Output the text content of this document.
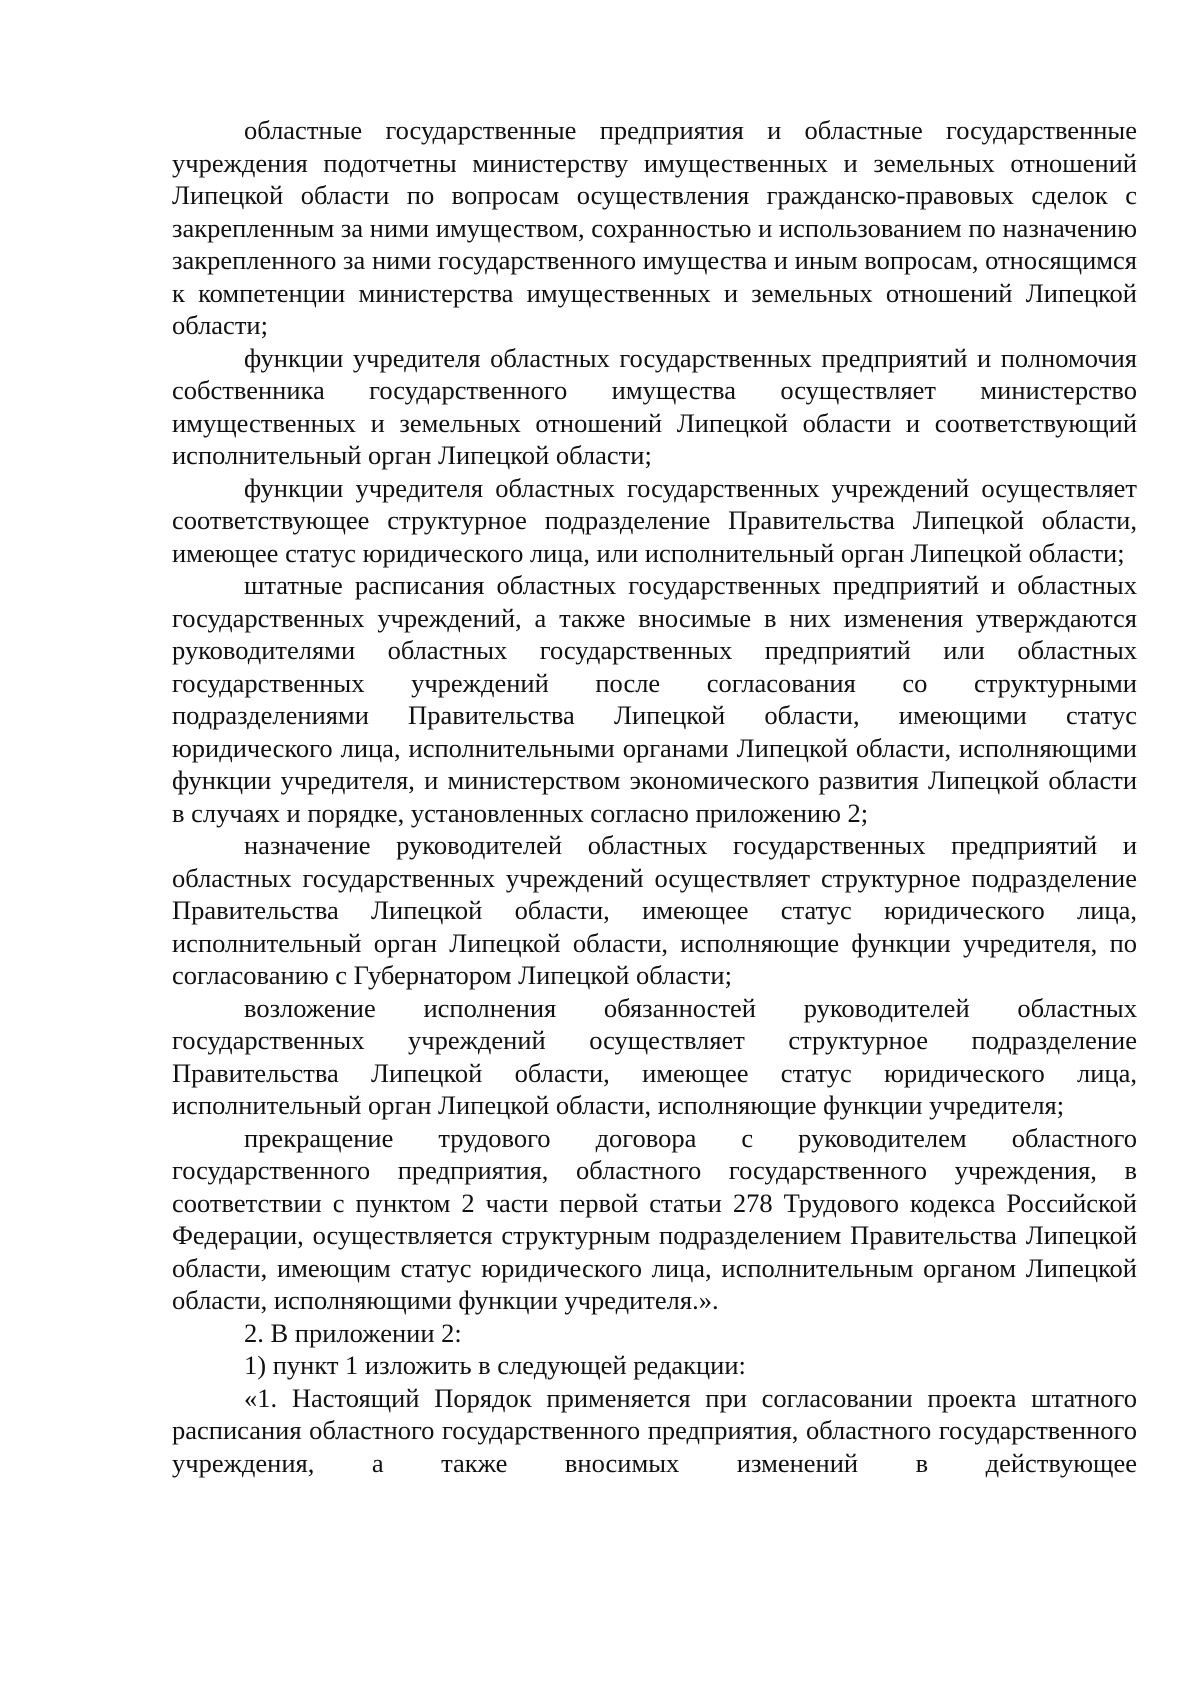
областные государственные предприятия и областные государственные учреждения подотчетны министерству имущественных и земельных отношений Липецкой области по вопросам осуществления гражданско-правовых сделок с закрепленным за ними имуществом, сохранностью и использованием по назначению закрепленного за ними государственного имущества и иным вопросам, относящимся к компетенции министерства имущественных и земельных отношений Липецкой области;

функции учредителя областных государственных предприятий и полномочия собственника государственного имущества осуществляет министерство имущественных и земельных отношений Липецкой области и соответствующий исполнительный орган Липецкой области;

функции учредителя областных государственных учреждений осуществляет соответствующее структурное подразделение Правительства Липецкой области, имеющее статус юридического лица, или исполнительный орган Липецкой области;

штатные расписания областных государственных предприятий и областных государственных учреждений, а также вносимые в них изменения утверждаются руководителями областных государственных предприятий или областных государственных учреждений после согласования со структурными подразделениями Правительства Липецкой области, имеющими статус юридического лица, исполнительными органами Липецкой области, исполняющими функции учредителя, и министерством экономического развития Липецкой области в случаях и порядке, установленных согласно приложению 2;

назначение руководителей областных государственных предприятий и областных государственных учреждений осуществляет структурное подразделение Правительства Липецкой области, имеющее статус юридического лица, исполнительный орган Липецкой области, исполняющие функции учредителя, по согласованию с Губернатором Липецкой области;

возложение исполнения обязанностей руководителей областных государственных учреждений осуществляет структурное подразделение Правительства Липецкой области, имеющее статус юридического лица, исполнительный орган Липецкой области, исполняющие функции учредителя;

прекращение трудового договора с руководителем областного государственного предприятия, областного государственного учреждения, в соответствии с пунктом 2 части первой статьи 278 Трудового кодекса Российской Федерации, осуществляется структурным подразделением Правительства Липецкой области, имеющим статус юридического лица, исполнительным органом Липецкой области, исполняющими функции учредителя.».

2. В приложении 2:

1) пункт 1 изложить в следующей редакции:

«1. Настоящий Порядок применяется при согласовании проекта штатного расписания областного государственного предприятия, областного государственного учреждения, а также вносимых изменений в действующее
